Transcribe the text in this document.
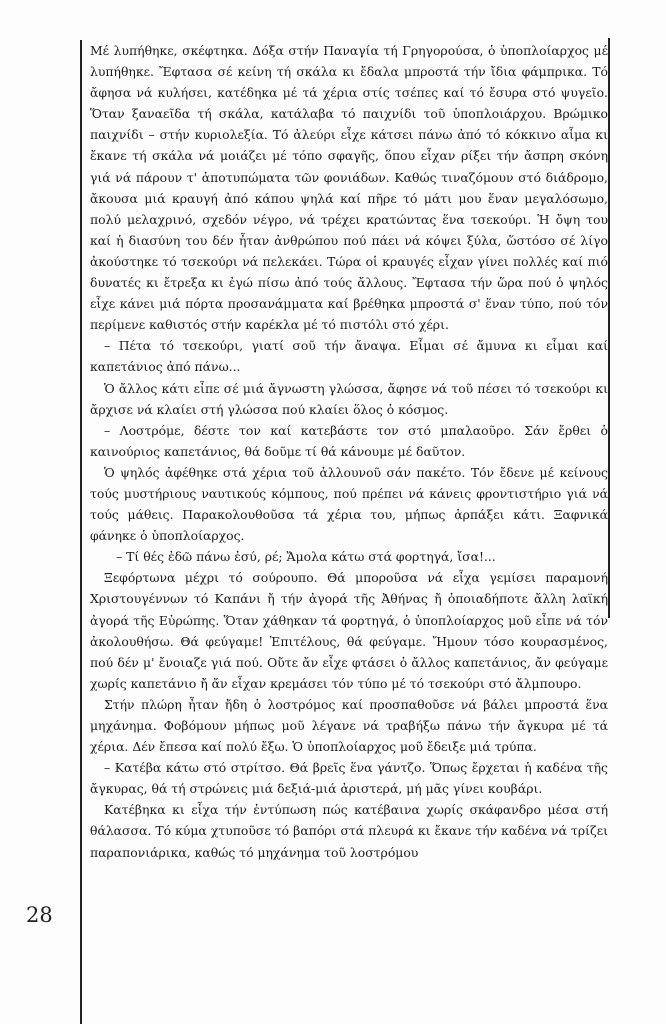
Μέ λυπήθηκε, σκέφτηκα. Δόξα στήν Παναγία τή Γρηγορούσα, ὁ ὑποπλοίαρχος μέ λυπήθηκε. Ἔφτασα σέ κείνη τή σκάλα κι ἔδαλα μπροστά τήν ἴδια φάμπρικα. Τό ἄφησα νά κυλήσει, κατέδηκα μέ τά χέρια στίς τσέπες καί τό ἔσυρα στό ψυγεῖο. Ὅταν ξαναεῖδα τή σκάλα, κατάλαβα τό παιχνίδι τοῦ ὑποπλοιάρχου. Βρώμικο παιχνίδι – στήν κυριολεξία. Τό ἀλεύρι εἶχε κάτσει πάνω ἀπό τό κόκκινο αἷμα κι ἔκανε τή σκάλα νά μοιάζει μέ τόπο σφαγῆς, ὅπου εἶχαν ρίξει τήν ἄσπρη σκόνη γιά νά πάρουν τ' ἀποτυπώματα τῶν φονιάδων. Καθώς τιναζόμουν στό διάδρομο, ἄκουσα μιά κραυγή ἀπό κάπου ψηλά καί πῆρε τό μάτι μου ἕναν μεγαλόσωμο, πολύ μελαχρινό, σχεδόν νέγρο, νά τρέχει κρατώντας ἕνα τσεκούρι. Ἡ ὄψη του καί ἡ διασύνη του δέν ἦταν ἀνθρώπου πού πάει νά κόψει ξύλα, ὥστόσο σέ λίγο ἀκούστηκε τό τσεκούρι νά πελεκάει. Τώρα οἱ κραυγές εἶχαν γίνει πολλές καί πιό δυνατές κι ἔτρεξα κι ἐγώ πίσω ἀπό τούς ἄλλους. Ἔφτασα τήν ὥρα πού ὁ ψηλός εἶχε κάνει μιά πόρτα προσανάμματα καί βρέθηκα μπροστά σ' ἕναν τύπο, πού τόν περίμενε καθιστός στήν καρέκλα μέ τό πιστόλι στό χέρι.

– Πέτα τό τσεκούρι, γιατί σοῦ τήν ἄναψα. Εἶμαι σέ ἄμυνα κι εἶμαι καί καπετάνιος ἀπό πάνω...

Ὁ ἄλλος κάτι εἶπε σέ μιά ἄγνωστη γλώσσα, ἄφησε νά τοῦ πέσει τό τσεκούρι κι ἄρχισε νά κλαίει στή γλώσσα πού κλαίει ὅλος ὁ κόσμος.

– Λοστρόμε, δέστε τον καί κατεβάστε τον στό μπαλαοῦρο. Σάν ἔρθει ὁ καινούριος καπετάνιος, θά δοῦμε τί θά κάνουμε μέ δαῦτον.

Ὁ ψηλός ἀφέθηκε στά χέρια τοῦ ἀλλουνοῦ σάν πακέτο. Τόν ἔδενε μέ κείνους τούς μυστήριους ναυτικούς κόμπους, πού πρέπει νά κάνεις φροντιστήριο γιά νά τούς μάθεις. Παρακολουθοῦσα τά χέρια του, μήπως ἁρπάξει κάτι. Ξαφνικά φάνηκε ὁ ὑποπλοίαρχος.

– Τί θές ἐδῶ πάνω ἐσύ, ρέ; Ἄμολα κάτω στά φορτηγά, ἴσα!...

Ξεφόρτωνα μέχρι τό σούρουπο. Θά μποροῦσα νά εἶχα γεμίσει παραμονή Χριστουγέννων τό Καπάνι ἤ τήν ἀγορά τῆς Ἀθήνας ἤ ὁποιαδήποτε ἄλλη λαϊκή ἀγορά τῆς Εὐρώπης. Ὅταν χάθηκαν τά φορτηγά, ὁ ὑποπλοίαρχος μοῦ εἶπε νά τόν ἀκολουθήσω. Θά φεύγαμε! Ἐπιτέλους, θά φεύγαμε. Ἤμουν τόσο κουρασμένος, πού δέν μ' ἔνοιαζε γιά πού. Οὔτε ἄν εἶχε φτάσει ὁ ἄλλος καπετάνιος, ἄν φεύγαμε χωρίς καπετάνιο ἤ ἄν εἶχαν κρεμάσει τόν τύπο μέ τό τσεκούρι στό ἄλμπουρο.

Στήν πλώρη ἦταν ἤδη ὁ λοστρόμος καί προσπαθοῦσε νά βάλει μπροστά ἕνα μηχάνημα. Φοβόμουν μήπως μοῦ λέγανε νά τραβήξω πάνω τήν ἄγκυρα μέ τά χέρια. Δέν ἔπεσα καί πολύ ἔξω. Ὁ ὑποπλοίαρχος μοῦ ἔδειξε μιά τρύπα.

– Κατέβα κάτω στό στρίτσο. Θά βρεῖς ἕνα γάντζο. Ὅπως ἔρχεται ἡ καδένα τῆς ἄγκυρας, θά τή στρώνεις μιά δεξιά-μιά ἀριστερά, μή μᾶς γίνει κουβάρι.

Κατέβηκα κι εἶχα τήν ἐντύπωση πώς κατέβαινα χωρίς σκάφανδρο μέσα στή θάλασσα. Τό κύμα χτυποῦσε τό βαπόρι στά πλευρά κι ἔκανε τήν καδένα νά τρίζει παραπονιάρικα, καθώς τό μηχάνημα τοῦ λοστρόμου

28
